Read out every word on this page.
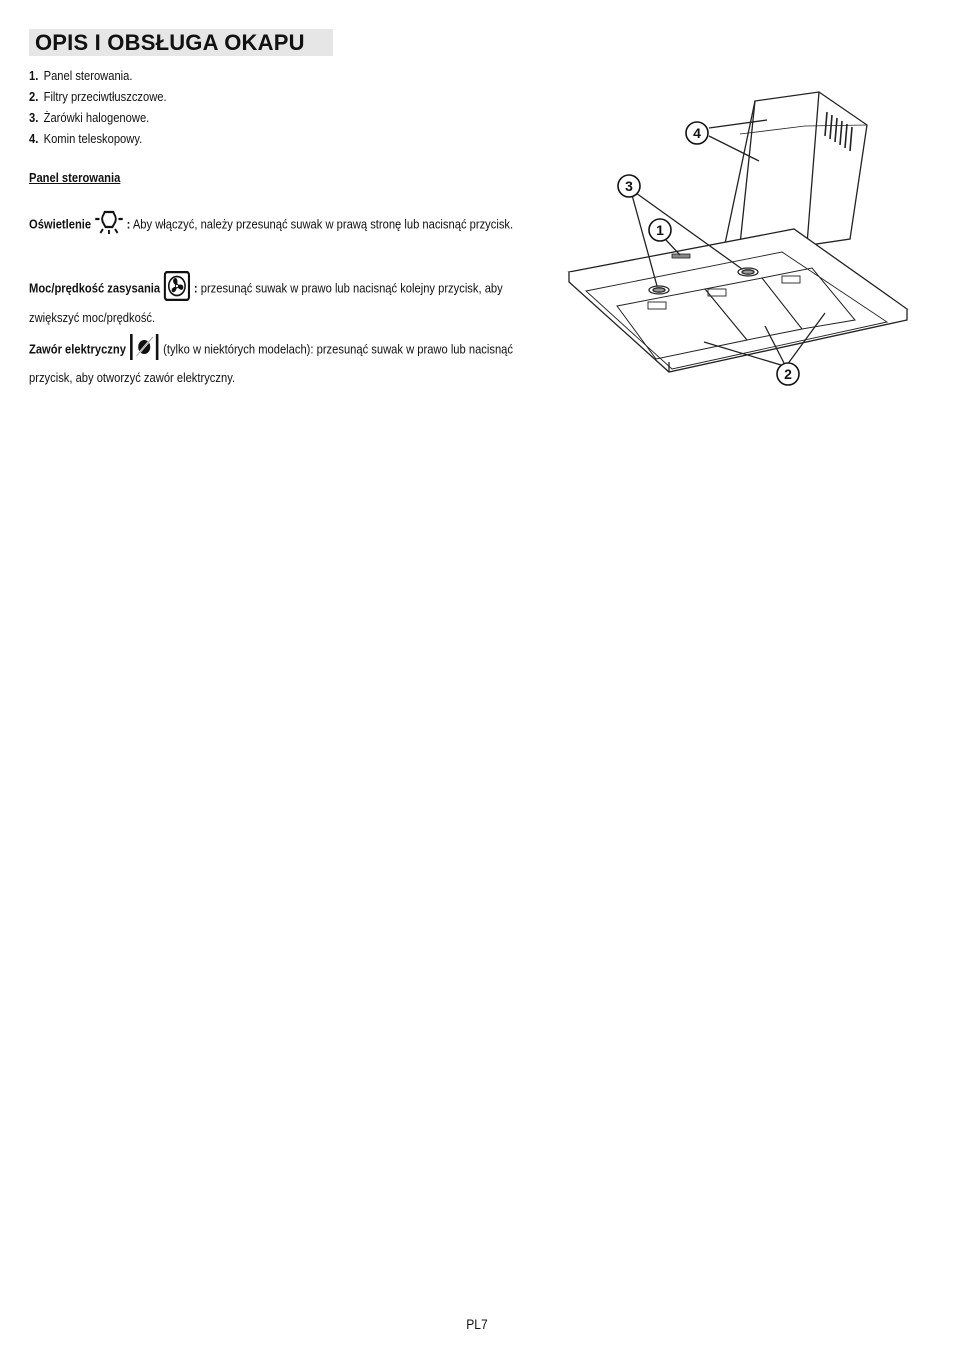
OPIS I OBSŁUGA OKAPU
1. Panel sterowania.
2. Filtry przeciwtłuszczowe.
3. Żarówki halogenowe.
4. Komin teleskopowy.
Panel sterowania
Oświetlenie	: Aby włączyć, należy przesunąć suwak w prawą stronę lub nacisnąć przycisk.
Moc/prędkość zasysania	: przesunąć suwak w prawo lub nacisnąć kolejny przycisk, aby zwiększyć moc/prędkość.
Zawór elektryczny	(tylko w niektórych modelach): przesunąć suwak w prawo lub nacisnąć przycisk, aby otworzyć zawór elektryczny.
4
3
1
2
PL7
